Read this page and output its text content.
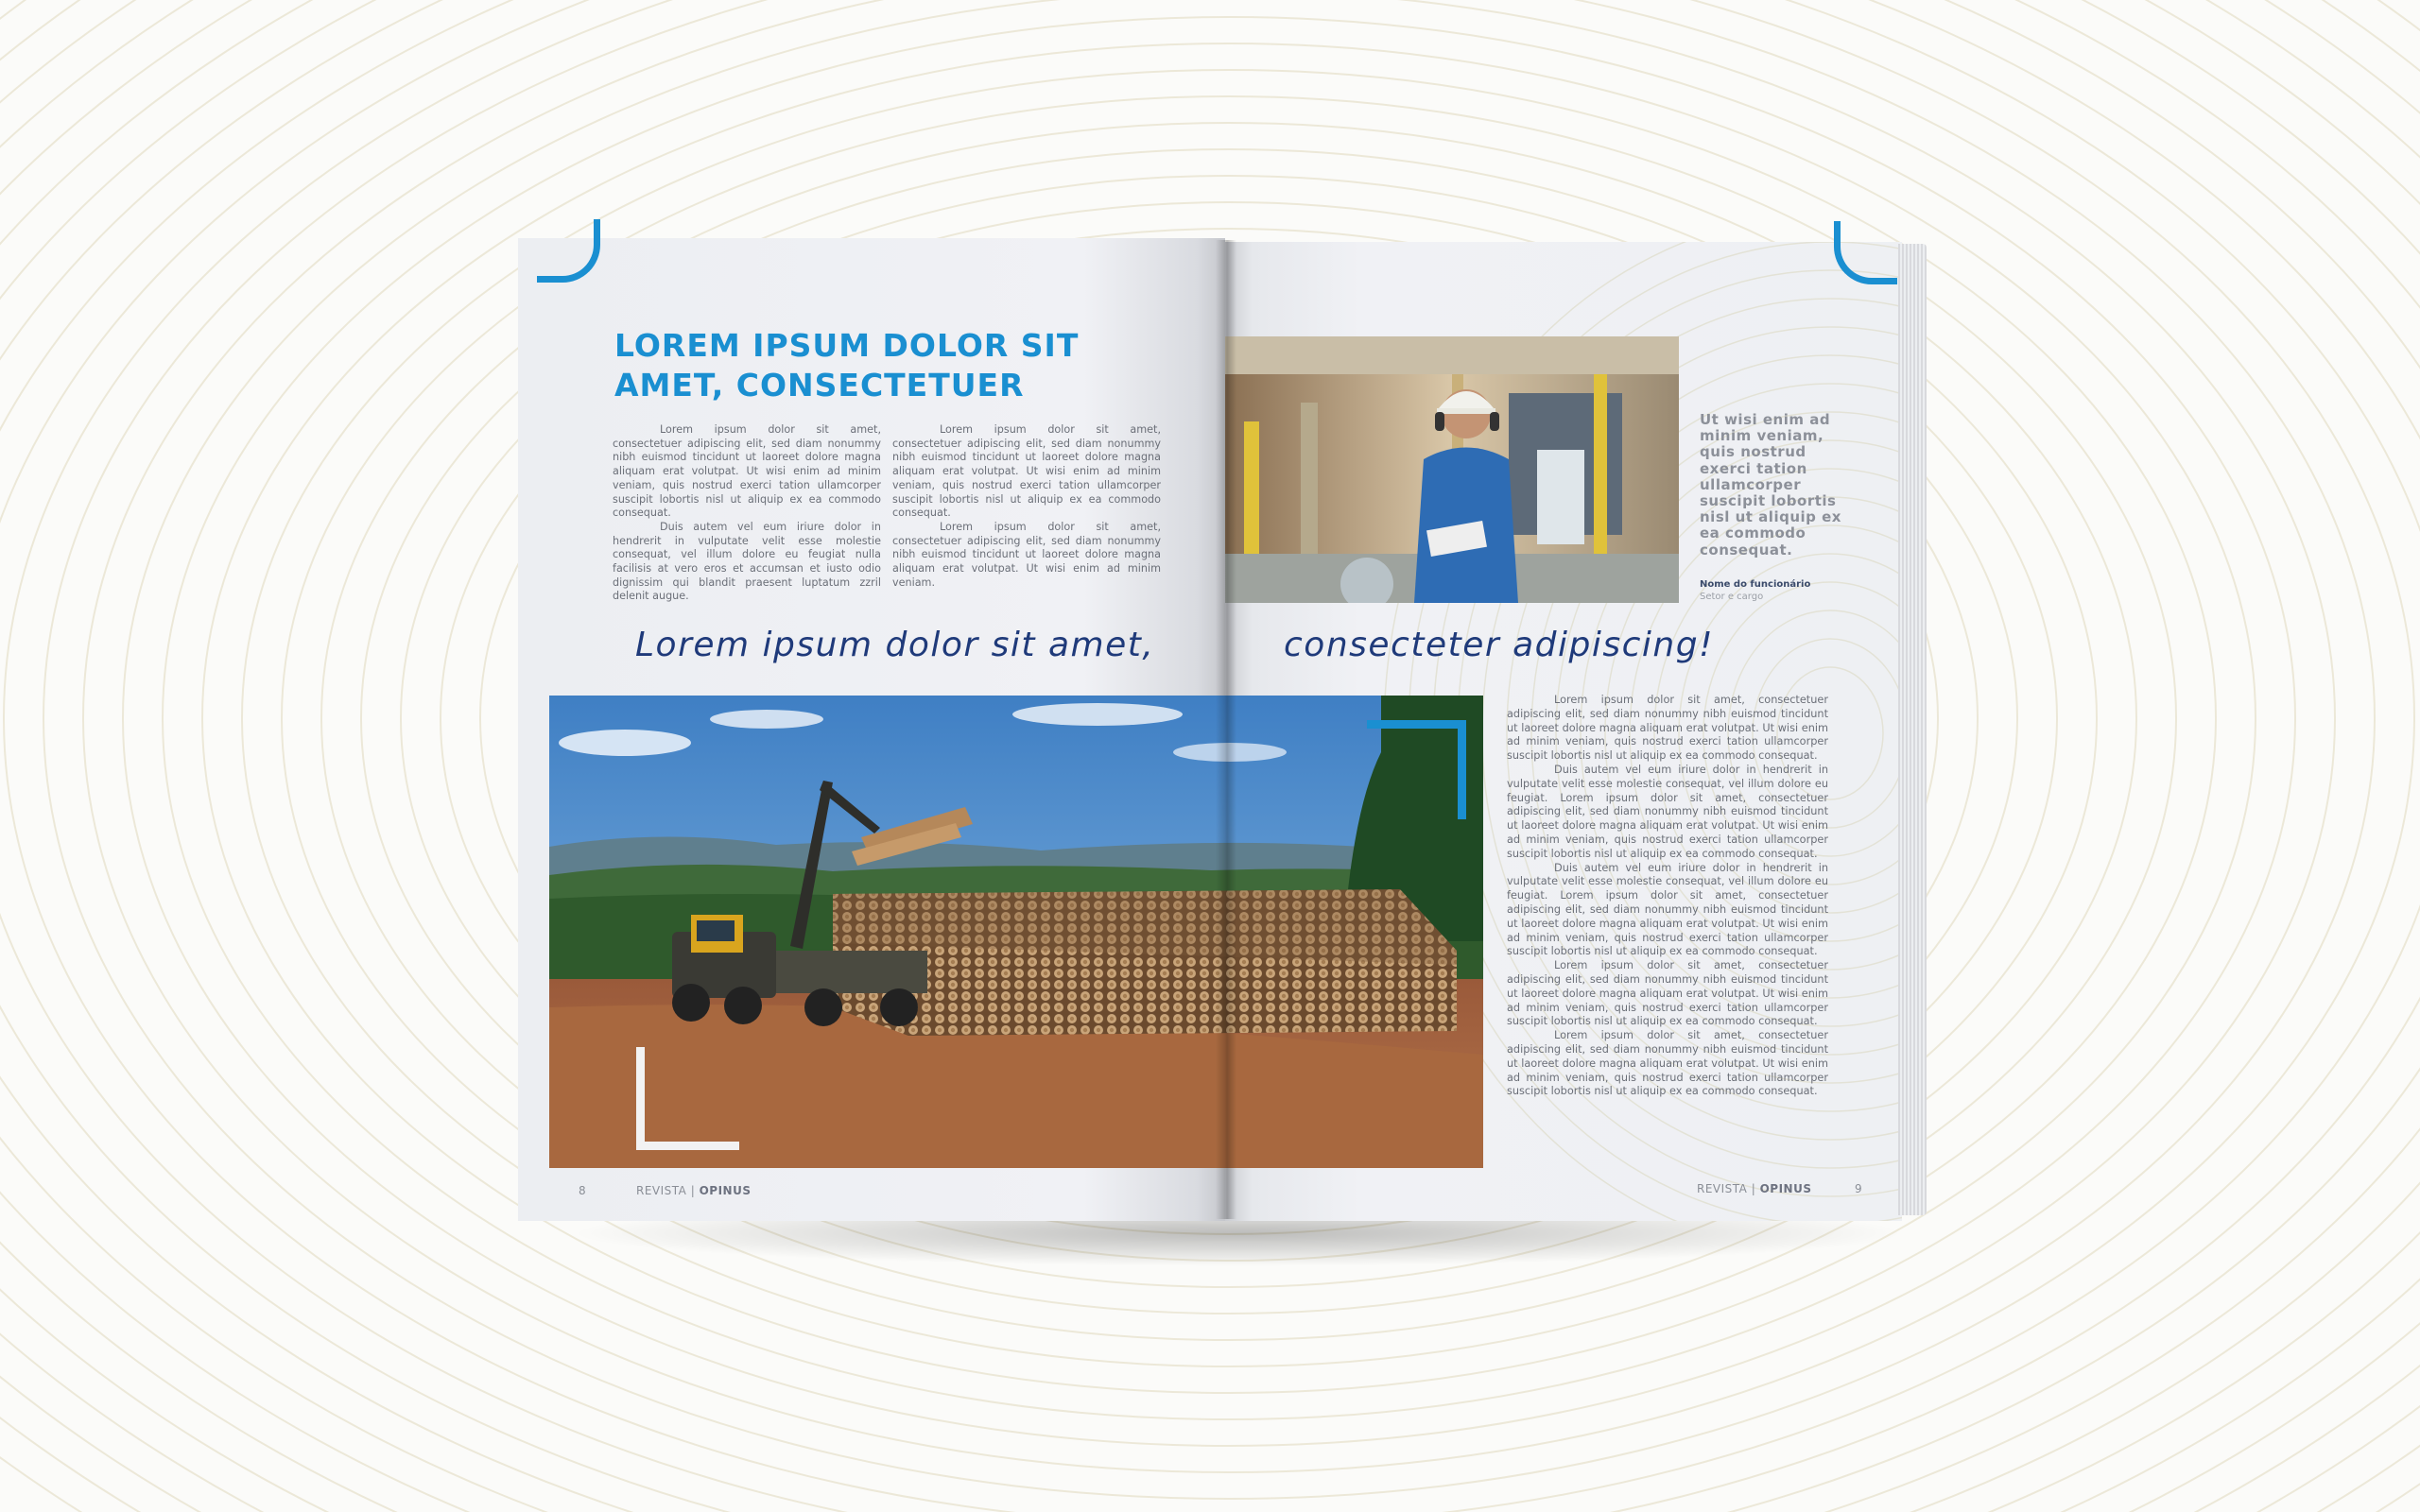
LOREM IPSUM DOLOR SIT AMET, CONSECTETUER

Lorem ipsum dolor sit amet, consectetuer adipiscing elit, sed diam nonummy nibh euismod tincidunt ut laoreet dolore magna aliquam erat volutpat. Ut wisi enim ad minim veniam, quis nostrud exerci tation ullamcorper suscipit lobortis nisl ut aliquip ex ea commodo consequat.

Duis autem vel eum iriure dolor in hendrerit in vulputate velit esse molestie consequat, vel illum dolore eu feugiat nulla facilisis at vero eros et accumsan et iusto odio dignissim qui blandit praesent luptatum zzril delenit augue.

Lorem ipsum dolor sit amet, consectetuer adipiscing elit, sed diam nonummy nibh euismod tincidunt ut laoreet dolore magna aliquam erat volutpat. Ut wisi enim ad minim veniam, quis nostrud exerci tation ullamcorper suscipit lobortis nisl ut aliquip ex ea commodo consequat.

Lorem ipsum dolor sit amet, consectetuer adipiscing elit, sed diam nonummy nibh euismod tincidunt ut laoreet dolore magna aliquam erat volutpat. Ut wisi enim ad minim veniam.

Lorem ipsum dolor sit amet,	consecteter adipiscing!

Ut wisi enim ad minim veniam, quis nostrud exerci tation ullamcorper suscipit lobortis nisl ut aliquip ex ea commodo consequat.

Nome do funcionário
Setor e cargo

Lorem ipsum dolor sit amet, consectetuer adipiscing elit, sed diam nonummy nibh euismod tincidunt ut laoreet dolore magna aliquam erat volutpat. Ut wisi enim ad minim veniam, quis nostrud exerci tation ullamcorper suscipit lobortis nisl ut aliquip ex ea commodo consequat.

Duis autem vel eum iriure dolor in hendrerit in vulputate velit esse molestie consequat, vel illum dolore eu feugiat. Lorem ipsum dolor sit amet, consectetuer adipiscing elit, sed diam nonummy nibh euismod tincidunt ut laoreet dolore magna aliquam erat volutpat. Ut wisi enim ad minim veniam, quis nostrud exerci tation ullamcorper suscipit lobortis nisl ut aliquip ex ea commodo consequat.

Duis autem vel eum iriure dolor in hendrerit in vulputate velit esse molestie consequat, vel illum dolore eu feugiat. Lorem ipsum dolor sit amet, consectetuer adipiscing elit, sed diam nonummy nibh euismod tincidunt ut laoreet dolore magna aliquam erat volutpat. Ut wisi enim ad minim veniam, quis nostrud exerci tation ullamcorper suscipit lobortis nisl ut aliquip ex ea commodo consequat.

Lorem ipsum dolor sit amet, consectetuer adipiscing elit, sed diam nonummy nibh euismod tincidunt ut laoreet dolore magna aliquam erat volutpat. Ut wisi enim ad minim veniam, quis nostrud exerci tation ullamcorper suscipit lobortis nisl ut aliquip ex ea commodo consequat.

Lorem ipsum dolor sit amet, consectetuer adipiscing elit, sed diam nonummy nibh euismod tincidunt ut laoreet dolore magna aliquam erat volutpat. Ut wisi enim ad minim veniam, quis nostrud exerci tation ullamcorper suscipit lobortis nisl ut aliquip ex ea commodo consequat.

8	REVISTA | OPINUS	REVISTA | OPINUS	9
